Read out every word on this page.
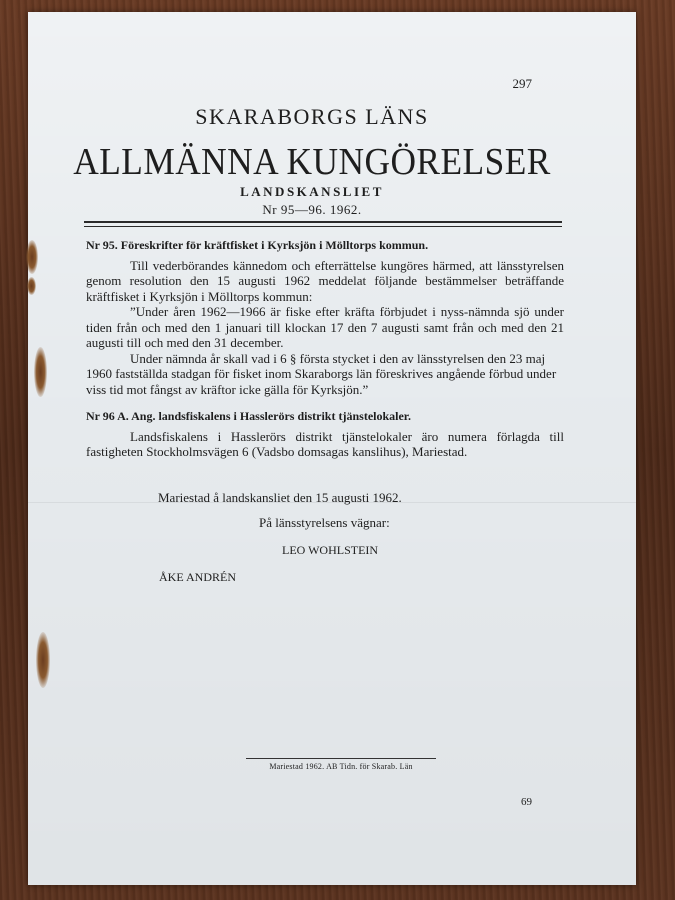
297
SKARABORGS LÄNS
ALLMÄNNA KUNGÖRELSER
LANDSKANSLIET
Nr 95—96. 1962.
Nr 95. Föreskrifter för kräftfisket i Kyrksjön i Mölltorps kommun.

Till vederbörandes kännedom och efterrättelse kungöres härmed, att länsstyrelsen genom resolution den 15 augusti 1962 meddelat följande bestämmelser beträffande kräftfisket i Kyrksjön i Mölltorps kommun:

”Under åren 1962—1966 är fiske efter kräfta förbjudet i nyss-nämnda sjö under tiden från och med den 1 januari till klockan 17 den 7 augusti samt från och med den 21 augusti till och med den 31 december.

Under nämnda år skall vad i 6 § första stycket i den av länsstyrelsen den 23 maj 1960 fastställda stadgan för fisket inom Skaraborgs län föreskrives angående förbud under viss tid mot fångst av kräftor icke gälla för Kyrksjön.”

Nr 96 A. Ang. landsfiskalens i Hasslerörs distrikt tjänstelokaler.

Landsfiskalens i Hasslerörs distrikt tjänstelokaler äro numera förlagda till fastigheten Stockholmsvägen 6 (Vadsbo domsagas kanslihus), Mariestad.

Mariestad å landskansliet den 15 augusti 1962.
På länsstyrelsens vägnar:
LEO WOHLSTEIN
ÅKE ANDRÉN
Mariestad 1962. AB Tidn. för Skarab. Län
69
